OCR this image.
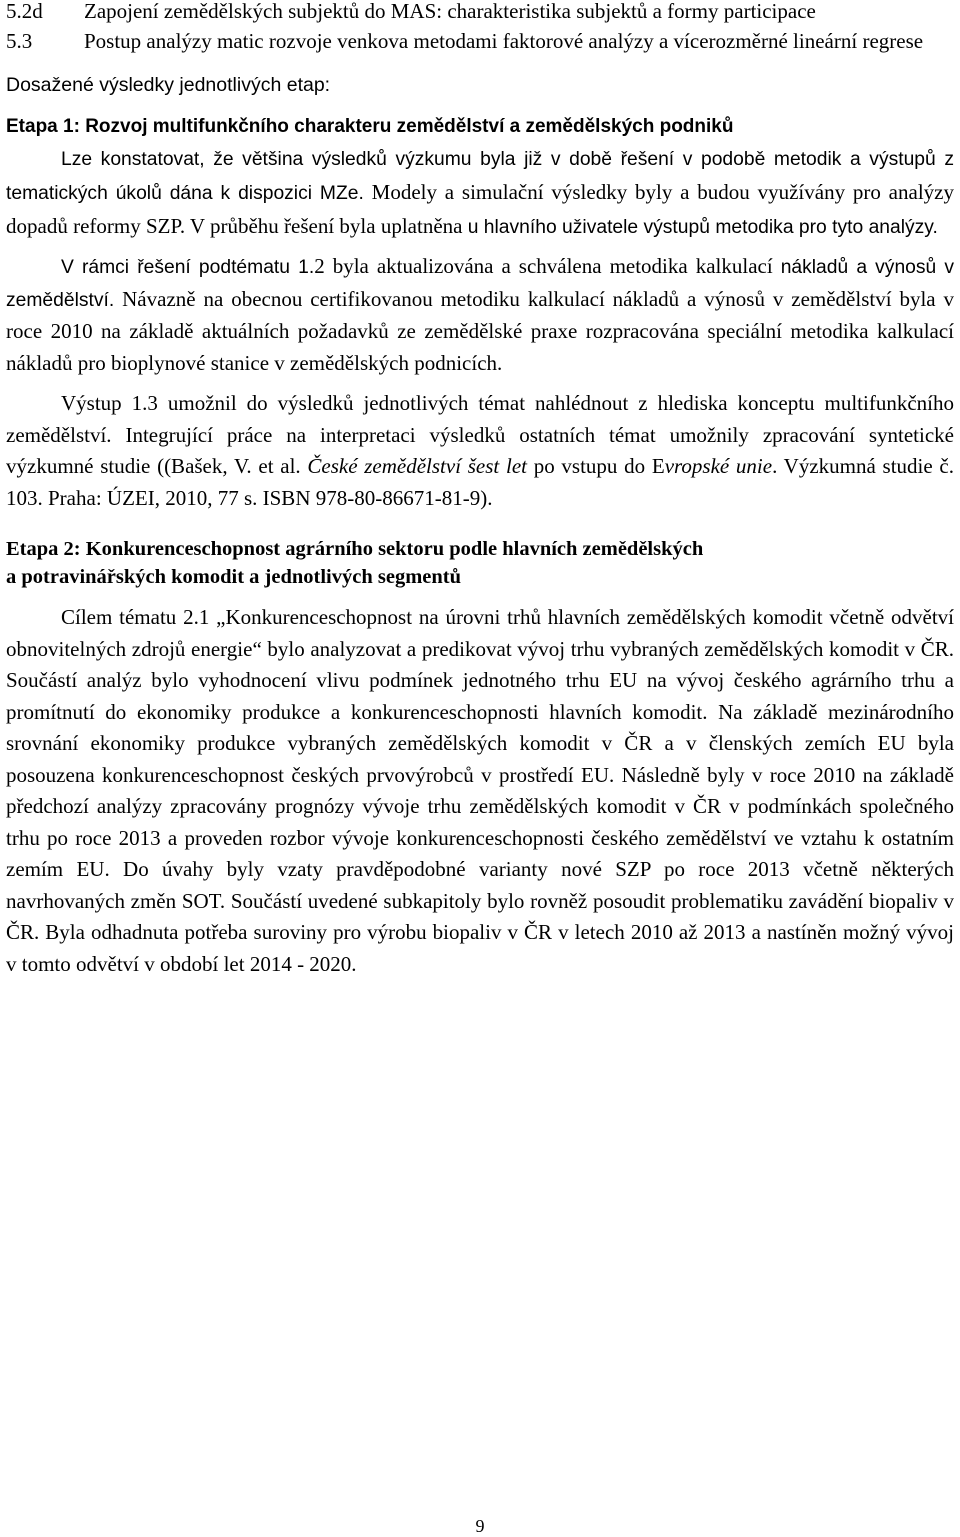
5.2d	Zapojení zemědělských subjektů do MAS: charakteristika subjektů a formy participace
5.3	Postup analýzy matic rozvoje venkova metodami faktorové analýzy a vícerozměrné lineární regrese
Dosažené výsledky jednotlivých etap:
Etapa 1: Rozvoj multifunkčního charakteru zemědělství a zemědělských podniků

Lze konstatovat, že většina výsledků výzkumu byla již v době řešení v podobě metodik a výstupů z tematických úkolů dána k dispozici MZe. Modely a simulační výsledky byly a budou využívány pro analýzy dopadů reformy SZP. V průběhu řešení byla uplatněna u hlavního uživatele výstupů metodika pro tyto analýzy.

V rámci řešení podtématu 1.2 byla aktualizována a schválena metodika kalkulací nákladů a výnosů v zemědělství. Návazně na obecnou certifikovanou metodiku kalkulací nákladů a výnosů v zemědělství byla v roce 2010 na základě aktuálních požadavků ze zemědělské praxe rozpracována speciální metodika kalkulací nákladů pro bioplynové stanice v zemědělských podnicích.

Výstup 1.3 umožnil do výsledků jednotlivých témat nahlédnout z hlediska konceptu multifunkčního zemědělství. Integrující práce na interpretaci výsledků ostatních témat umožnily zpracování syntetické výzkumné studie ((Bašek, V. et al. České zemědělství šest let po vstupu do Evropské unie. Výzkumná studie č. 103. Praha: ÚZEI, 2010, 77 s. ISBN 978-80-86671-81-9).

Etapa 2: Konkurenceschopnost agrárního sektoru podle hlavních zemědělských
a potravinářských komodit a jednotlivých segmentů

Cílem tématu 2.1 „Konkurenceschopnost na úrovni trhů hlavních zemědělských komodit včetně odvětví obnovitelných zdrojů energie“ bylo analyzovat a predikovat vývoj trhu vybraných zemědělských komodit v ČR. Součástí analýz bylo vyhodnocení vlivu podmínek jednotného trhu EU na vývoj českého agrárního trhu a promítnutí do ekonomiky produkce a konkurenceschopnosti hlavních komodit. Na základě mezinárodního srovnání ekonomiky produkce vybraných zemědělských komodit v ČR a v členských zemích EU byla posouzena konkurenceschopnost českých prvovýrobců v prostředí EU. Následně byly v roce 2010 na základě předchozí analýzy zpracovány prognózy vývoje trhu zemědělských komodit v ČR v podmínkách společného trhu po roce 2013 a proveden rozbor vývoje konkurenceschopnosti českého zemědělství ve vztahu k ostatním zemím EU. Do úvahy byly vzaty pravděpodobné varianty nové SZP po roce 2013 včetně některých navrhovaných změn SOT. Součástí uvedené subkapitoly bylo rovněž posoudit problematiku zavádění biopaliv v ČR. Byla odhadnuta potřeba suroviny pro výrobu biopaliv v ČR v letech 2010 až 2013 a nastíněn možný vývoj v tomto odvětví v období let 2014 - 2020.

9
